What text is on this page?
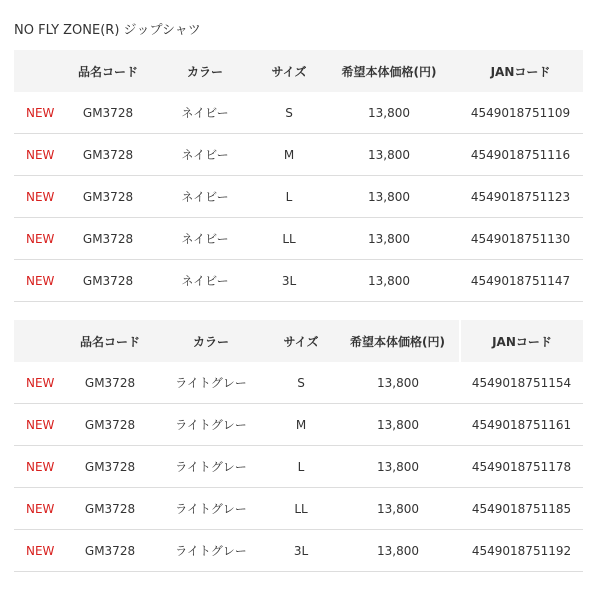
NO FLY ZONE(R) ジップシャツ
	品名コード	カラー	サイズ	希望本体価格(円)	JANコード
NEW	GM3728	ネイビー	S	13,800	4549018751109
NEW	GM3728	ネイビー	M	13,800	4549018751116
NEW	GM3728	ネイビー	L	13,800	4549018751123
NEW	GM3728	ネイビー	LL	13,800	4549018751130
NEW	GM3728	ネイビー	3L	13,800	4549018751147
	品名コード	カラー	サイズ	希望本体価格(円)	JANコード
NEW	GM3728	ライトグレー	S	13,800	4549018751154
NEW	GM3728	ライトグレー	M	13,800	4549018751161
NEW	GM3728	ライトグレー	L	13,800	4549018751178
NEW	GM3728	ライトグレー	LL	13,800	4549018751185
NEW	GM3728	ライトグレー	3L	13,800	4549018751192
